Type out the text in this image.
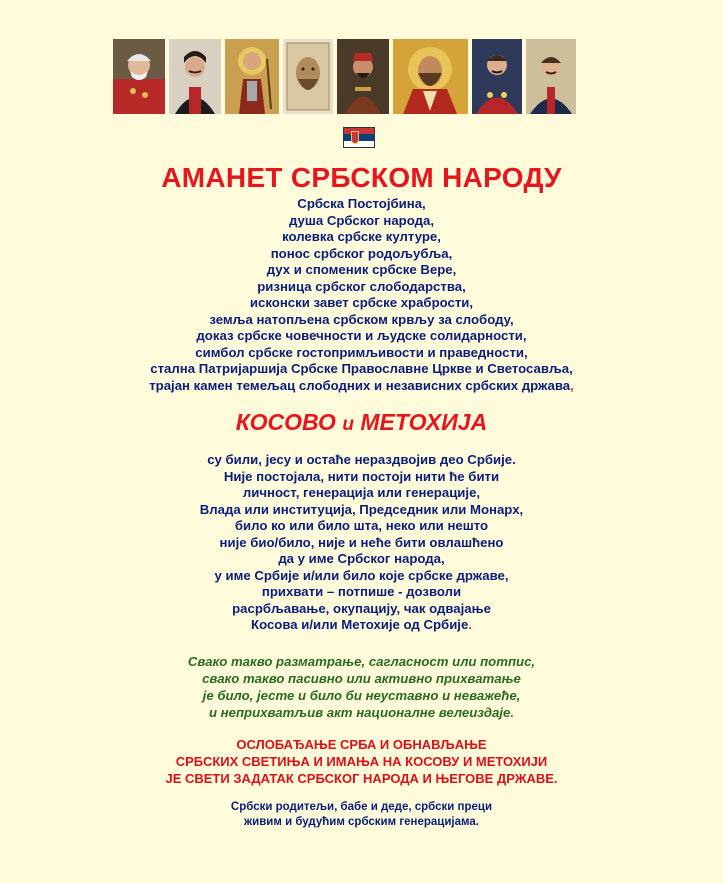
АМАНЕТ СРБСКОМ НАРОДУ
Србска Постојбина,
душа Србског народа,
колевка србске културе,
понос србског родољубља,
дух и споменик србске Вере,
ризница србског слободарства,
исконски завет србске храбрости,
земља натопљена србском крвљу за слободу,
доказ србске човечности и људске солидарности,
симбол србске гостопримљивости и праведности,
стална Патријаршија Србске Православне Цркве и Светосавља,
трајан камен темељац слободних и независних србских држава,
КОСОВО и МЕТОХИЈА
су били, јесу и остаће нераздвојив део Србије.
Није постојала, нити постоји нити ће бити
личност, генерација или генерације,
Влада или институција, Председник или Монарх,
било ко или било шта, неко или нешто
није био/било, није и неће бити овлашћено
да у име Србског народа,
у име Србије и/или било које србске државе,
прихвати – потпише - дозволи
расрбљавање, окупацију, чак одвајање
Косова и/или Метохије од Србије.
Свако такво разматрање, сагласност или потпис,
свако такво пасивно или активно прихватање
је било, јесте и било би неуставно и неважеће,
и неприхватљив акт националне велеиздаје.
ОСЛОБАЂАЊЕ СРБА И ОБНАВЉАЊЕ
СРБСКИХ СВЕТИЊА И ИМАЊА НА КОСОВУ И МЕТОХИЈИ
ЈЕ СВЕТИ ЗАДАТАК СРБСКОГ НАРОДА И ЊЕГОВЕ ДРЖАВЕ.
Србски родитељи, бабе и деде, србски преци
живим и будућим србским генерацијама.
